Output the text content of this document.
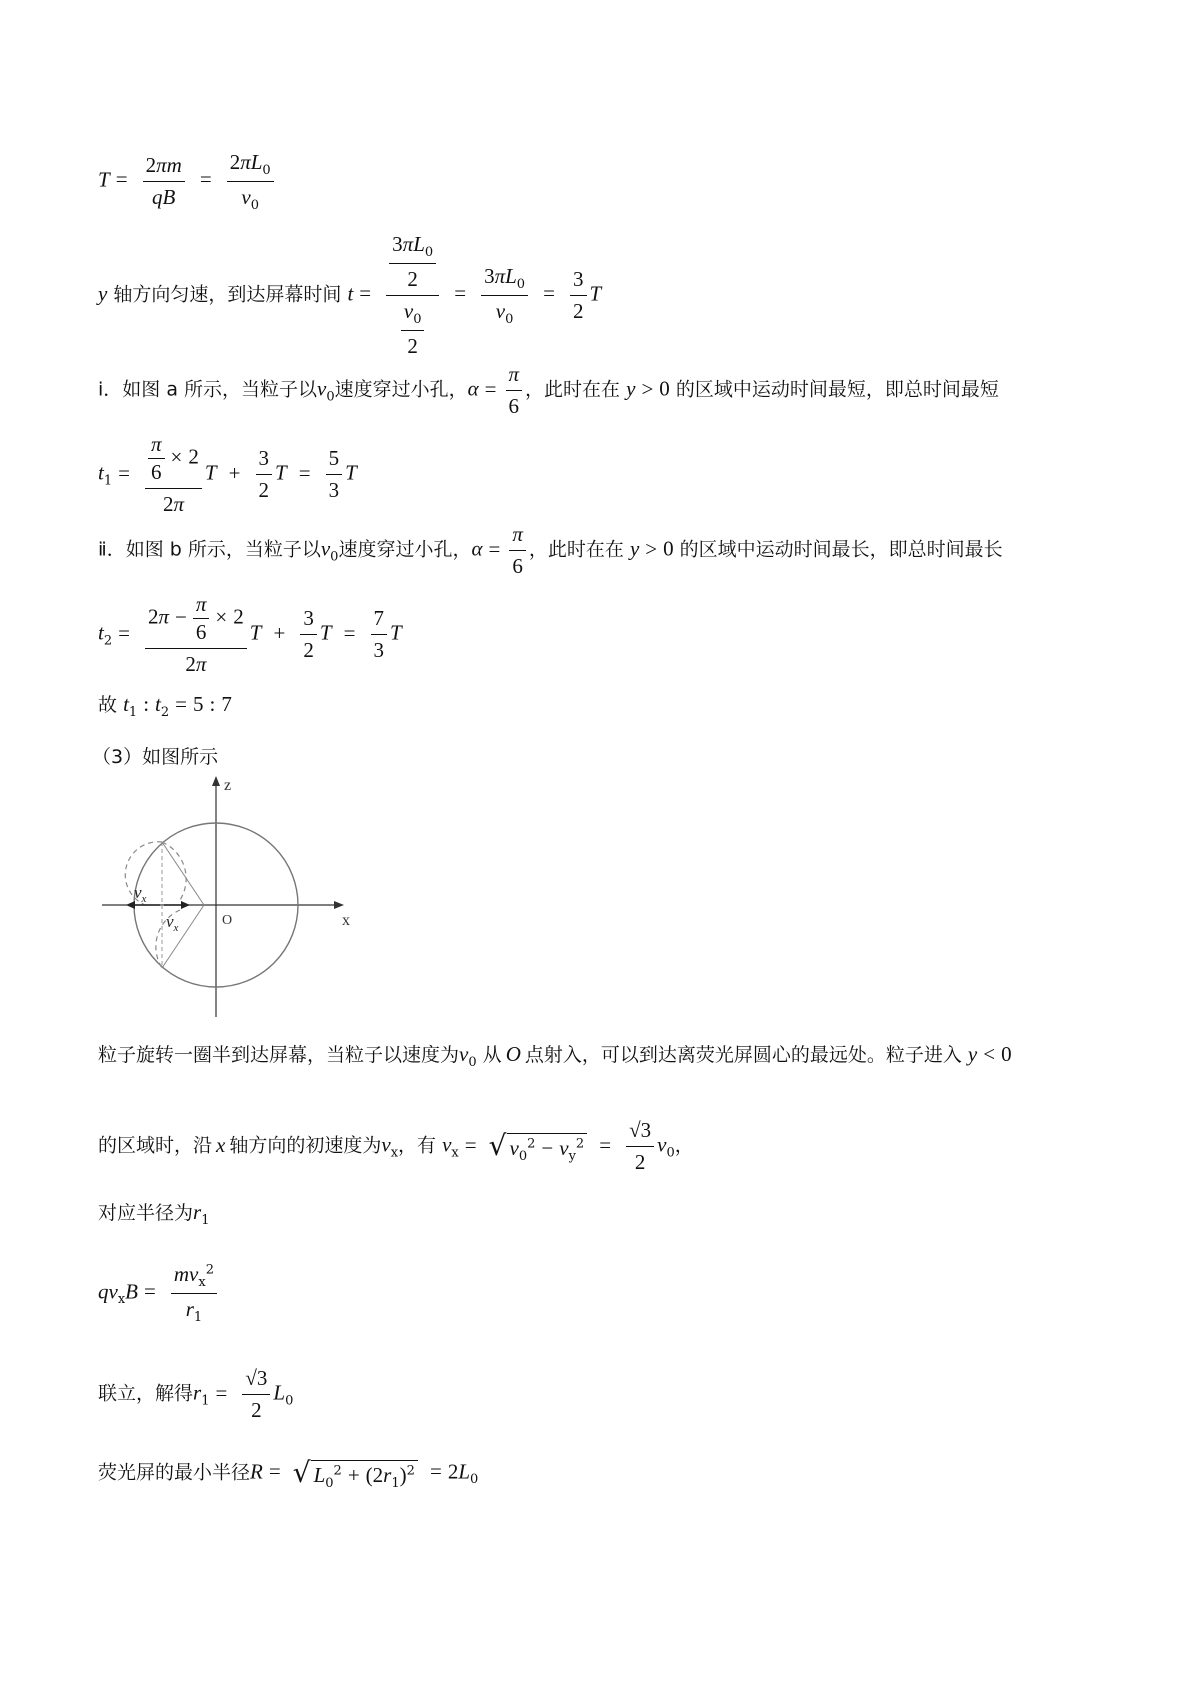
$T = \frac{2\pi m}{qB} = \frac{2\pi L_0}{v_0}$
y 轴方向匀速，到达屏幕时间 $t = \frac{\frac{3\pi L_0}{2}}{\frac{v_0}{2}} = \frac{3\pi L_0}{v_0} = \frac{3}{2}$ T
i．如图 a 所示，当粒子以$v_0$速度穿过小孔，$\alpha = \frac{\pi}{6}$ ，此时在在 y > 0 的区域中运动时间最短，即总时间最短
$t_1 = \frac{\frac{\pi}{6} \times 2}{2\pi}$ $T + \frac{3}{2}$ $T = \frac{5}{3}$ T
ⅱ．如图 b 所示，当粒子以$v_0$速度穿过小孔，$\alpha = \frac{\pi}{6}$ ，此时在在 y > 0 的区域中运动时间最长，即总时间最长
$t_2 = \frac{2\pi - \frac{\pi}{6} \times 2}{2\pi}$ $T + \frac{3}{2}$ $T = \frac{7}{3}$ T
故 $t_1$ : $t_2 = 5$ : 7
（3）如图所示
z
x
O
$v_x$
$v_x$
粒子旋转一圈半到达屏幕，当粒子以速度为$v_0$ 从 O 点射入，可以到达离荧光屏圆心的最远处。粒子进入 y < 0
的区域时，沿 x 轴方向的初速度为$v_x$，有 $v_x$ = √ $v_0^2 - v_y^2 = \frac{√3}{2} v_0$，
对应半径为$r_1$
$qv_xB = \frac{mv_x^2}{r_1}$
联立，解得$r_1 = \frac{√3}{2} L_0$
荧光屏的最小半径R = √ $L_0^2 + (2r_1)^2 = 2L_0$
